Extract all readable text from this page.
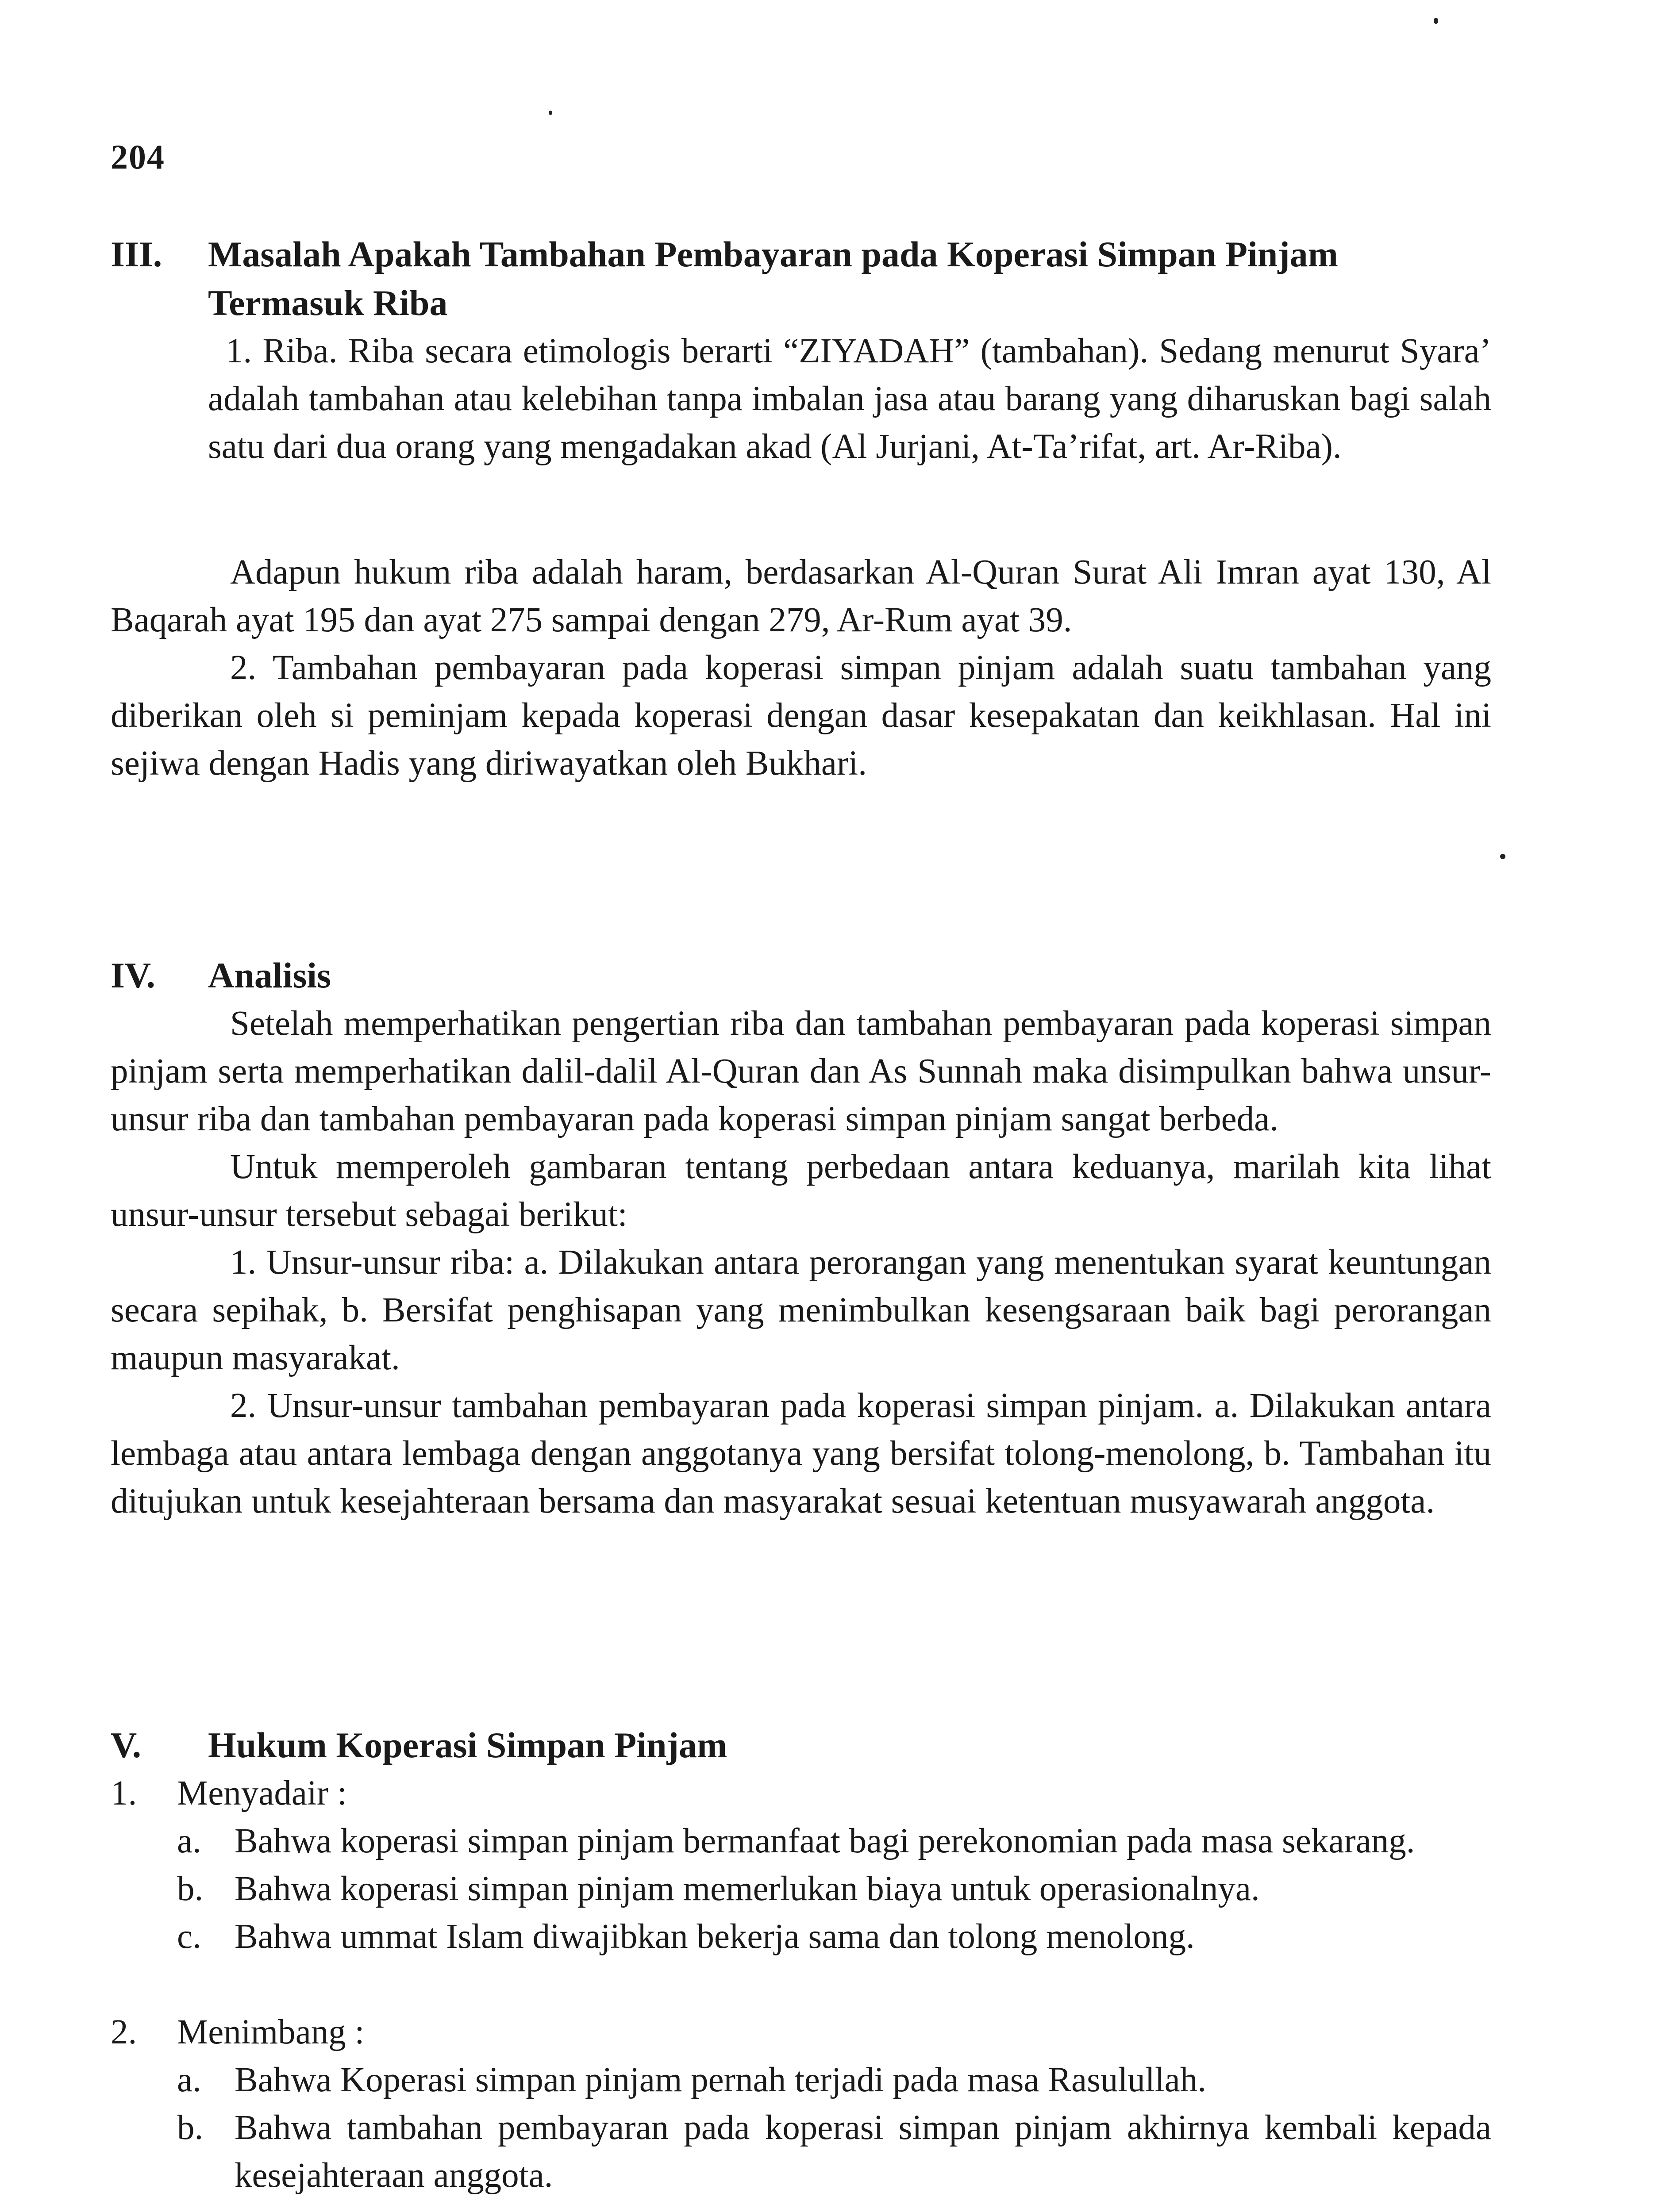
204
III.	Masalah Apakah Tambahan Pembayaran pada Koperasi Simpan Pinjam Termasuk Riba

1. Riba. Riba secara etimologis berarti “ZIYADAH” (tambahan). Sedang menurut Syara’ adalah tambahan atau kelebihan tanpa imbalan jasa atau barang yang diharuskan bagi salah satu dari dua orang yang mengadakan akad (Al Jurjani, At-Ta’rifat, art. Ar-Riba).

Adapun hukum riba adalah haram, berdasarkan Al-Quran Surat Ali Imran ayat 130, Al Baqarah ayat 195 dan ayat 275 sampai dengan 279, Ar-Rum ayat 39.

2. Tambahan pembayaran pada koperasi simpan pinjam adalah suatu tambahan yang diberikan oleh si peminjam kepada koperasi dengan dasar kesepakatan dan keikhlasan. Hal ini sejiwa dengan Hadis yang diriwayatkan oleh Bukhari.

IV.	Analisis

Setelah memperhatikan pengertian riba dan tambahan pembayaran pada koperasi simpan pinjam serta memperhatikan dalil-dalil Al-Quran dan As Sunnah maka disimpulkan bahwa unsur-unsur riba dan tambahan pembayaran pada koperasi simpan pinjam sangat berbeda.

Untuk memperoleh gambaran tentang perbedaan antara keduanya, marilah kita lihat unsur-unsur tersebut sebagai berikut:

1. Unsur-unsur riba: a. Dilakukan antara perorangan yang menentukan syarat keuntungan secara sepihak, b. Bersifat penghisapan yang menimbulkan kesengsaraan baik bagi perorangan maupun masyarakat.

2. Unsur-unsur tambahan pembayaran pada koperasi simpan pinjam. a. Dilakukan antara lembaga atau antara lembaga dengan anggotanya yang bersifat tolong-menolong, b. Tambahan itu ditujukan untuk kesejahteraan bersama dan masyarakat sesuai ketentuan musyawarah anggota.

V.	Hukum Koperasi Simpan Pinjam
1.	Menyadair :
a. Bahwa koperasi simpan pinjam bermanfaat bagi perekonomian pada masa sekarang.
b. Bahwa koperasi simpan pinjam memerlukan biaya untuk operasionalnya.
c. Bahwa ummat Islam diwajibkan bekerja sama dan tolong menolong.
2.	Menimbang :
a. Bahwa Koperasi simpan pinjam pernah terjadi pada masa Rasulullah.
b. Bahwa tambahan pembayaran pada koperasi simpan pinjam akhirnya kembali kepada kesejahteraan anggota.
